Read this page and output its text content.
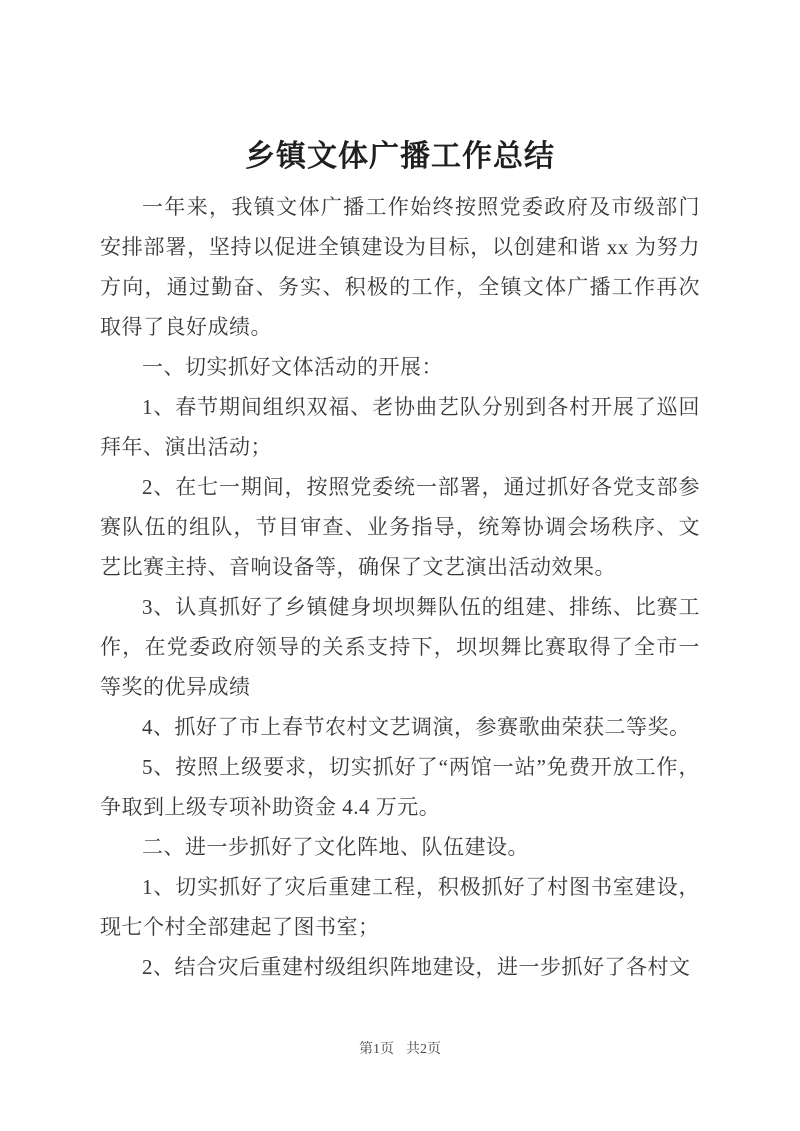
乡镇文体广播工作总结

一年来，我镇文体广播工作始终按照党委政府及市级部门安排部署，坚持以促进全镇建设为目标，以创建和谐 xx 为努力方向，通过勤奋、务实、积极的工作，全镇文体广播工作再次取得了良好成绩。

一、切实抓好文体活动的开展：

1、春节期间组织双福、老协曲艺队分别到各村开展了巡回拜年、演出活动；

2、在七一期间，按照党委统一部署，通过抓好各党支部参赛队伍的组队，节目审查、业务指导，统筹协调会场秩序、文艺比赛主持、音响设备等，确保了文艺演出活动效果。

3、认真抓好了乡镇健身坝坝舞队伍的组建、排练、比赛工作，在党委政府领导的关系支持下，坝坝舞比赛取得了全市一等奖的优异成绩

4、抓好了市上春节农村文艺调演，参赛歌曲荣获二等奖。

5、按照上级要求，切实抓好了“两馆一站”免费开放工作，争取到上级专项补助资金 4.4 万元。

二、进一步抓好了文化阵地、队伍建设。

1、切实抓好了灾后重建工程，积极抓好了村图书室建设，现七个村全部建起了图书室；

2、结合灾后重建村级组织阵地建设，进一步抓好了各村文

第1页 共2页
